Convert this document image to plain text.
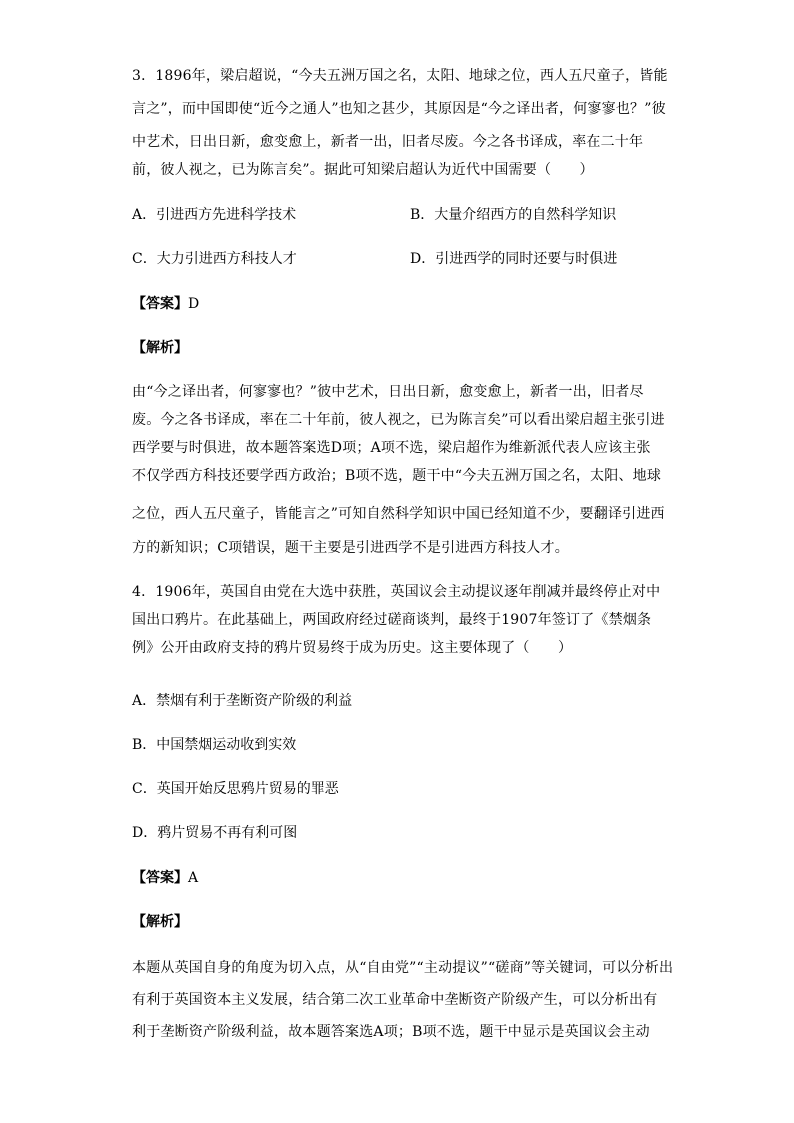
3．1896年，梁启超说，“今夫五洲万国之名，太阳、地球之位，西人五尺童子，皆能
言之”，而中国即使“近今之通人”也知之甚少，其原因是“今之译出者，何寥寥也？”彼
中艺术，日出日新，愈变愈上，新者一出，旧者尽废。今之各书译成，率在二十年
前，彼人视之，已为陈言矣”。据此可知梁启超认为近代中国需要（　　）
A．引进西方先进科学技术	B．大量介绍西方的自然科学知识
C．大力引进西方科技人才	D．引进西学的同时还要与时俱进
【答案】D
【解析】
由“今之译出者，何寥寥也？”彼中艺术，日出日新，愈变愈上，新者一出，旧者尽
废。今之各书译成，率在二十年前，彼人视之，已为陈言矣”可以看出梁启超主张引进
西学要与时俱进，故本题答案选D项；A项不选，梁启超作为维新派代表人应该主张
不仅学西方科技还要学西方政治；B项不选，题干中“今夫五洲万国之名，太阳、地球
之位，西人五尺童子，皆能言之”可知自然科学知识中国已经知道不少，要翻译引进西
方的新知识；C项错误，题干主要是引进西学不是引进西方科技人才。
4．1906年，英国自由党在大选中获胜，英国议会主动提议逐年削减并最终停止对中
国出口鸦片。在此基础上，两国政府经过磋商谈判，最终于1907年签订了《禁烟条
例》公开由政府支持的鸦片贸易终于成为历史。这主要体现了（　　）
A．禁烟有利于垄断资产阶级的利益
B．中国禁烟运动收到实效
C．英国开始反思鸦片贸易的罪恶
D．鸦片贸易不再有利可图
【答案】A
【解析】
本题从英国自身的角度为切入点，从“自由党”“主动提议”“磋商”等关键词，可以分析出
有利于英国资本主义发展，结合第二次工业革命中垄断资产阶级产生，可以分析出有
利于垄断资产阶级利益，故本题答案选A项；B项不选，题干中显示是英国议会主动
